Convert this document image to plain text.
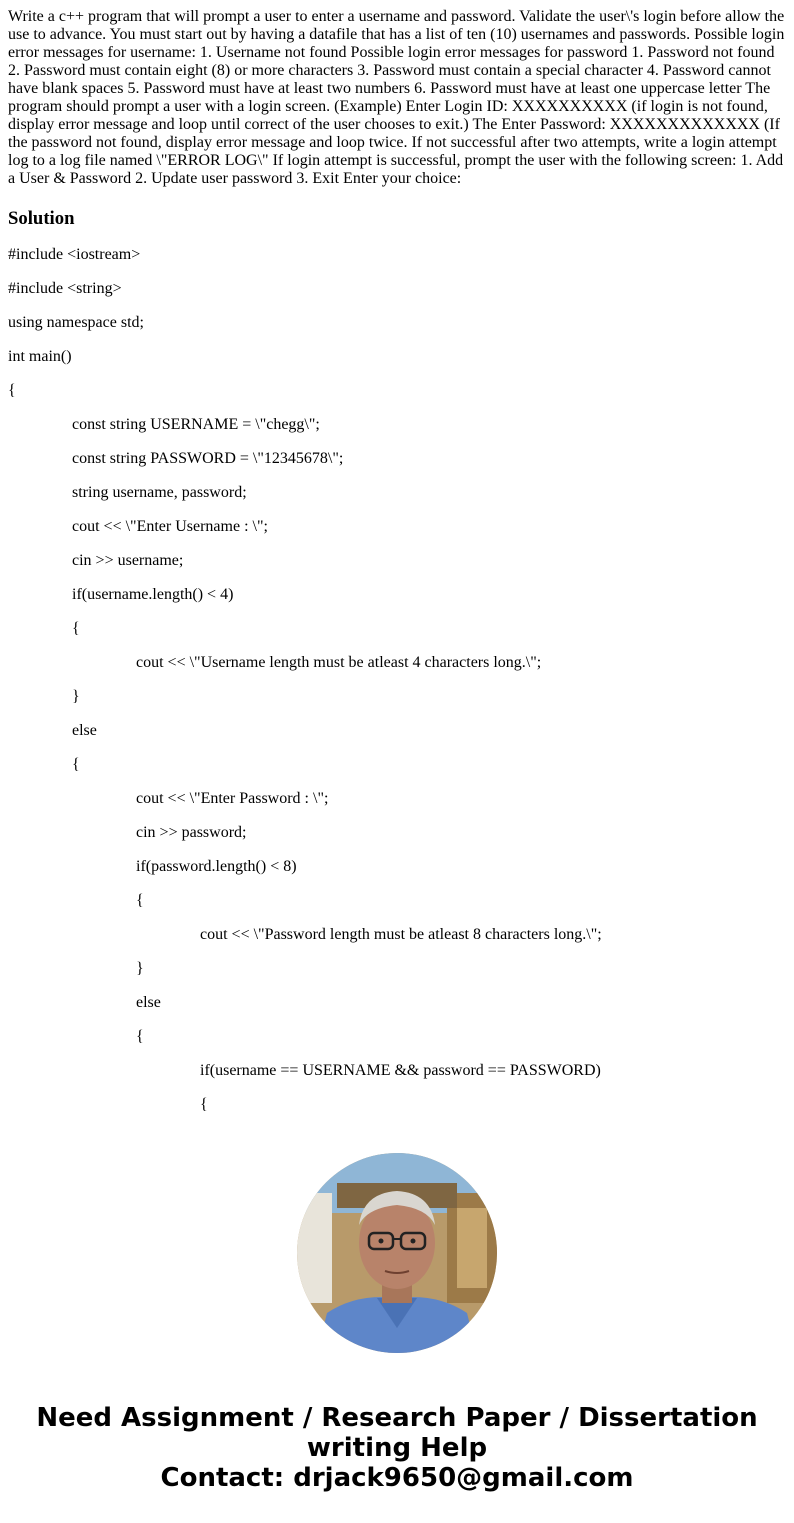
Write a c++ program that will prompt a user to enter a username and password. Validate the user\'s login before allow the use to advance. You must start out by having a datafile that has a list of ten (10) usernames and passwords. Possible login error messages for username: 1. Username not found Possible login error messages for password 1. Password not found 2. Password must contain eight (8) or more characters 3. Password must contain a special character 4. Password cannot have blank spaces 5. Password must have at least two numbers 6. Password must have at least one uppercase letter The program should prompt a user with a login screen. (Example) Enter Login ID: XXXXXXXXXX (if login is not found, display error message and loop until correct of the user chooses to exit.) The Enter Password: XXXXXXXXXXXXX (If the password not found, display error message and loop twice. If not successful after two attempts, write a login attempt log to a log file named \"ERROR LOG\" If login attempt is successful, prompt the user with the following screen: 1. Add a User & Password 2. Update user password 3. Exit Enter your choice:

Solution

#include <iostream>

#include <string>

using namespace std;

int main()

{

const string USERNAME = \"chegg\";

const string PASSWORD = \"12345678\";

string username, password;

cout << \"Enter Username : \";

cin >> username;

if(username.length() < 4)

{

cout << \"Username length must be atleast 4 characters long.\";

}

else

{

cout << \"Enter Password : \";

cin >> password;

if(password.length() < 8)

{

cout << \"Password length must be atleast 8 characters long.\";

}

else

{

if(username == USERNAME && password == PASSWORD)

{

Need Assignment / Research Paper / Dissertation
writing Help
Contact: drjack9650@gmail.com
